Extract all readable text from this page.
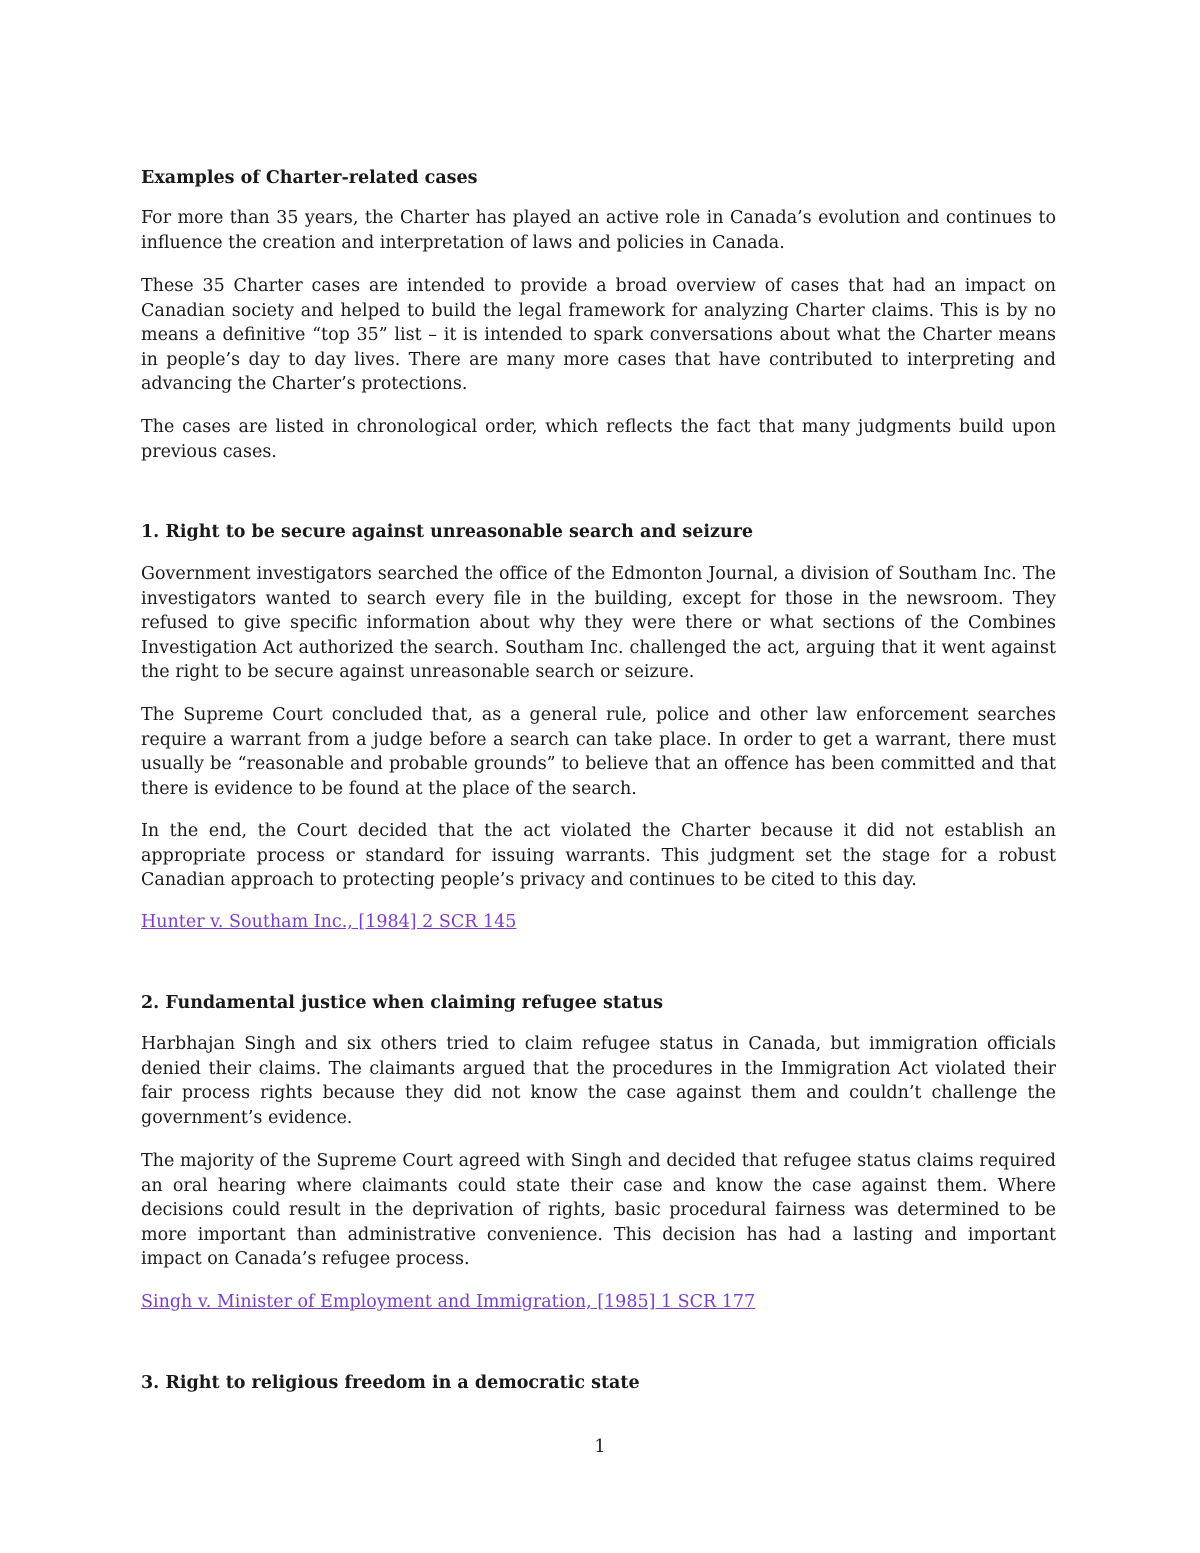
Examples of Charter-related cases

For more than 35 years, the Charter has played an active role in Canada’s evolution and continues to influence the creation and interpretation of laws and policies in Canada.

These 35 Charter cases are intended to provide a broad overview of cases that had an impact on Canadian society and helped to build the legal framework for analyzing Charter claims. This is by no means a definitive “top 35” list – it is intended to spark conversations about what the Charter means in people’s day to day lives. There are many more cases that have contributed to interpreting and advancing the Charter’s protections.

The cases are listed in chronological order, which reflects the fact that many judgments build upon previous cases.

1. Right to be secure against unreasonable search and seizure

Government investigators searched the office of the Edmonton Journal, a division of Southam Inc. The investigators wanted to search every file in the building, except for those in the newsroom. They refused to give specific information about why they were there or what sections of the Combines Investigation Act authorized the search. Southam Inc. challenged the act, arguing that it went against the right to be secure against unreasonable search or seizure.

The Supreme Court concluded that, as a general rule, police and other law enforcement searches require a warrant from a judge before a search can take place. In order to get a warrant, there must usually be “reasonable and probable grounds” to believe that an offence has been committed and that there is evidence to be found at the place of the search.

In the end, the Court decided that the act violated the Charter because it did not establish an appropriate process or standard for issuing warrants. This judgment set the stage for a robust Canadian approach to protecting people’s privacy and continues to be cited to this day.

Hunter v. Southam Inc., [1984] 2 SCR 145

2. Fundamental justice when claiming refugee status

Harbhajan Singh and six others tried to claim refugee status in Canada, but immigration officials denied their claims. The claimants argued that the procedures in the Immigration Act violated their fair process rights because they did not know the case against them and couldn’t challenge the government’s evidence.

The majority of the Supreme Court agreed with Singh and decided that refugee status claims required an oral hearing where claimants could state their case and know the case against them. Where decisions could result in the deprivation of rights, basic procedural fairness was determined to be more important than administrative convenience. This decision has had a lasting and important impact on Canada’s refugee process.

Singh v. Minister of Employment and Immigration, [1985] 1 SCR 177

3. Right to religious freedom in a democratic state

1
